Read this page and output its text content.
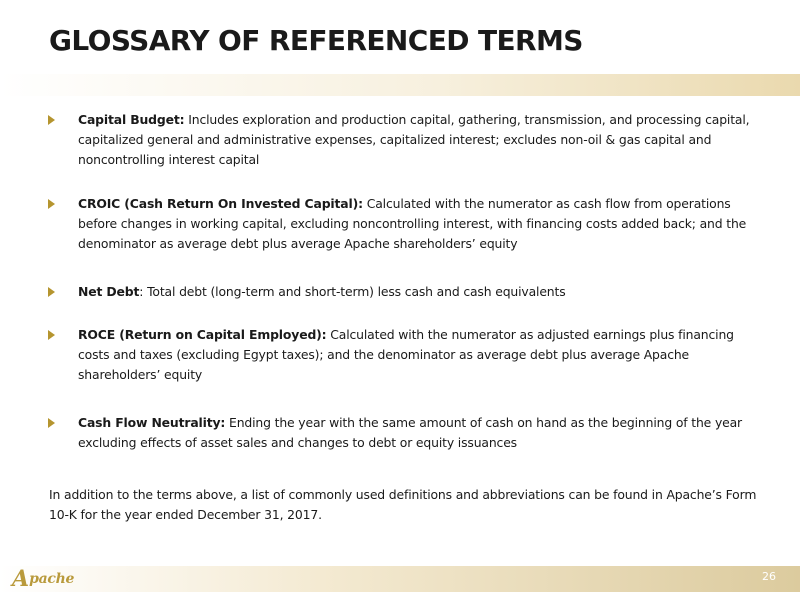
GLOSSARY OF REFERENCED TERMS
Capital Budget: Includes exploration and production capital, gathering, transmission, and processing capital, capitalized general and administrative expenses, capitalized interest; excludes non-oil & gas capital and noncontrolling interest capital
CROIC (Cash Return On Invested Capital): Calculated with the numerator as cash flow from operations before changes in working capital, excluding noncontrolling interest, with financing costs added back; and the denominator as average debt plus average Apache shareholders’ equity
Net Debt: Total debt (long-term and short-term) less cash and cash equivalents
ROCE (Return on Capital Employed): Calculated with the numerator as adjusted earnings plus financing costs and taxes (excluding Egypt taxes); and the denominator as average debt plus average Apache shareholders’ equity
Cash Flow Neutrality: Ending the year with the same amount of cash on hand as the beginning of the year excluding effects of asset sales and changes to debt or equity issuances

In addition to the terms above, a list of commonly used definitions and abbreviations can be found in Apache’s Form 10-K for the year ended December 31, 2017.

A pache	26
